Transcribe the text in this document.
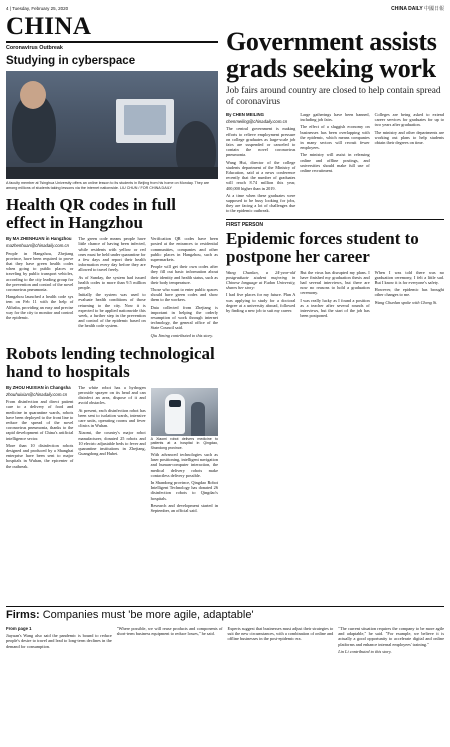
4 | Tuesday, February 25, 2020	CHINA DAILY 中國日報
CHINA
Coronavirus Outbreak
Studying in cyberspace
A faculty member at Tsinghua University offers an online lesson to its students in Beijing from his home on Monday. They are among millions of students taking lessons via the internet nationwide. LIU CHUN / FOR CHINA DAILY
Health QR codes in full effect in Hangzhou
By MA ZHENHUAN in Hangzhou
mazhenhuan@chinadaily.com.cn

People in Hangzhou, Zhejiang province, have been required to prove that they have green health codes when going to public places or traveling by public transport vehicles, according to the city leading group for the prevention and control of the novel coronavirus pneumonia.

Hangzhou launched a health code sys tem on Feb 11 with the help of Alibaba, providing an easy and precise way for the city to monitor and control the epidemic.

The green code means people have little chance of having been infected, while residents with yellow or red ones must be held under quarantine for a few days and report their health information every day before they are allowed to travel freely.

As of Sunday, the system had issued health codes to more than 9.5 million people.

Initially the system was used to evaluate health conditions of those returning to the city. Now it is expected to be applied nationwide this week, a further step in the prevention and control of the epidemic based on the health code system.

Verification QR codes have been posted at the entrances to residential communities, companies and other public places in Hangzhou, such as supermarkets.

People will get their own codes after they fill out basic information about their identity and health status, such as their body temperature.

Those who want to enter public spaces should have green codes and show them to the workers.

Data collected from Zhejiang is important in helping the orderly resumption of work through internet technology, the general office of the State Council said.

Qiu Jiming contributed to this story.

Robots lending technological hand to hospitals
By ZHOU HUIXIAN in Changsha
zhouhuixian@chinadaily.com.cn

From disinfection and direct patient care to a delivery of food and medicine in quarantine wards, robots have been deployed to the front line to reduce the spread of the novel coronavirus pneumonia, thanks to the rapid development of China's artificial intelligence sector.

More than 10 disinfection robots designed and produced by a Shanghai enterprise have been sent to major hospitals in Wuhan, the epicenter of the outbreak.

The white robot has a hydrogen peroxide sprayer on its head and can disinfect an area, dispose of it and avoid obstacles.

At present, each disinfection robot has been sent to isolation wards, intensive care units, operating rooms and fever clinics in Wuhan.

Xiaomi, the country's major robot manufacturer, donated 25 robots and 10 electric adjustable beds to fever and quarantine institutions in Zhejiang, Guangdong and Hubei.

A Xiaomi robot delivers medicine to patients at a hospital in Qingdao, Shandong province.

With advanced technologies such as laser positioning, intelligent navigation and human-computer interaction, the medical delivery robots make contactless delivery possible.

In Shandong province, Qingdao Robot Intelligent Technology has donated 26 disinfection robots to Qingdao's hospitals.

Research and development started in September, an official said.

Firms: Companies must 'be more agile, adaptable'
From page 1

Jiayuan's Wang also said the pandemic is bound to reduce people's desire to travel and lead to long-term declines in the demand for consumption.

"Where possible, we will reuse products and components of short-term business equipment to reduce losses," he said.

Experts suggest that businesses must adjust their strategies to suit the new circumstances, with a combination of online and offline businesses in the post-epidemic era.

"The current situation requires the company to be more agile and adaptable," he said. "For example, we believe it is actually a good opportunity to accelerate digital and online platforms and enhance internal employees' training."

Lin Li contributed to this story.

Government assists grads seeking work
Job fairs around country are closed to help contain spread of coronavirus
By CHEN MEILING
chenmeiling@chinadaily.com.cn

The central government is making efforts to relieve employment pressure on college graduates as large-scale job fairs are suspended or canceled to contain the novel coronavirus pneumonia.

Wang Hui, director of the college students department of the Ministry of Education, said at a news conference recently that the number of graduates will reach 8.74 million this year, 400,000 higher than in 2019.

At a time when these graduates were supposed to be busy looking for jobs, they are facing a lot of challenges due to the epidemic outbreak.

Large gatherings have been banned, including job fairs.

The effect of a sluggish economy on businesses has been overlapping with the epidemic, which means companies in many sectors will recruit fewer employees.

The ministry will assist in releasing online and offline postings, and universities should make full use of online recruitment.

Colleges are being asked to extend career services for graduates for up to two years after graduation.

The ministry and other departments are working out plans to help students obtain their degrees on time.

FIRST PERSON
Epidemic forces student to postpone her career

Wang Chunlan, a 24-year-old postgraduate student majoring in Chinese language at Fudan University, shares her story:

I had five places for my future. Plan A was applying to study for a doctoral degree at a university abroad, followed by finding a new job to suit my career.

But the virus has disrupted my plans. I have finished my graduation thesis and had several interviews, but there are now no reasons to hold a graduation ceremony.

I was really lucky as I found a position as a teacher after several rounds of interviews, but the start of the job has been postponed.

When I was told there was no graduation ceremony, I felt a little sad. But I know it is for everyone's safety.

However, the epidemic has brought other changes to me.

Wang Chunlan spoke with Cheng Si.
